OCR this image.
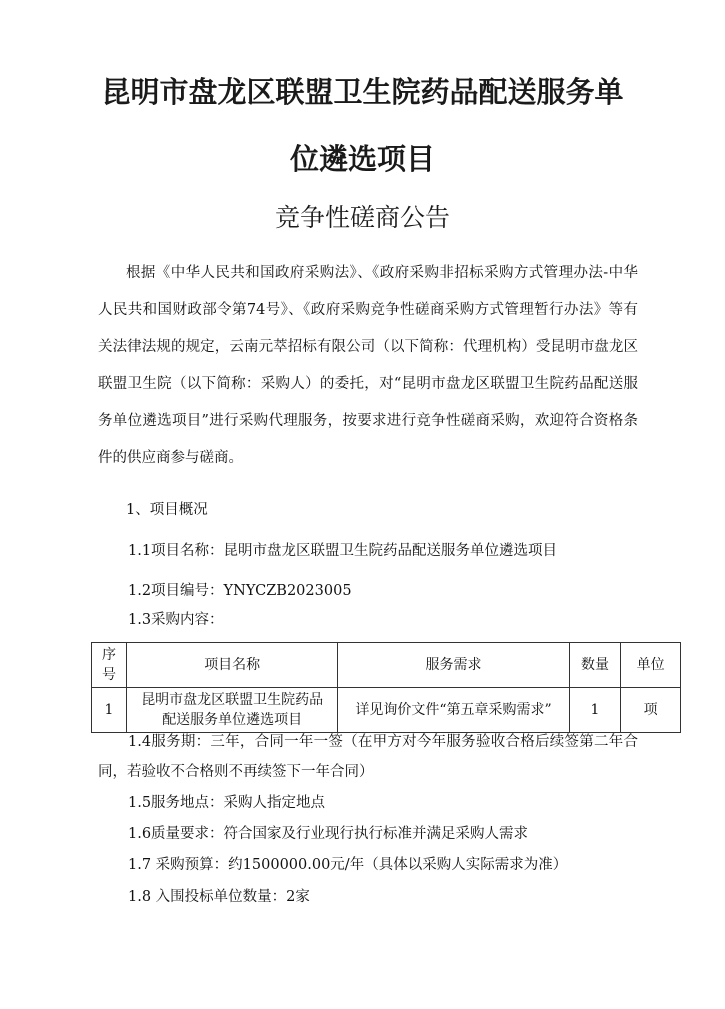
昆明市盘龙区联盟卫生院药品配送服务单
位遴选项目
竞争性磋商公告
根据《中华人民共和国政府采购法》、《政府采购非招标采购方式管理办法-中华人民共和国财政部令第74号》、《政府采购竞争性磋商采购方式管理暂行办法》等有关法律法规的规定，云南元萃招标有限公司（以下简称：代理机构）受昆明市盘龙区联盟卫生院（以下简称：采购人）的委托，对“昆明市盘龙区联盟卫生院药品配送服务单位遴选项目”进行采购代理服务，按要求进行竞争性磋商采购，欢迎符合资格条件的供应商参与磋商。
1、项目概况
1.1项目名称：昆明市盘龙区联盟卫生院药品配送服务单位遴选项目
1.2项目编号：YNYCZB2023005
1.3采购内容：
序号	项目名称	服务需求	数量	单位
1	昆明市盘龙区联盟卫生院药品配送服务单位遴选项目	详见询价文件“第五章采购需求”	1	项
1.4服务期：三年，合同一年一签（在甲方对今年服务验收合格后续签第二年合同，若验收不合格则不再续签下一年合同）
1.5服务地点：采购人指定地点
1.6质量要求：符合国家及行业现行执行标准并满足采购人需求
1.7 采购预算：约1500000.00元/年（具体以采购人实际需求为准）
1.8 入围投标单位数量：2家
